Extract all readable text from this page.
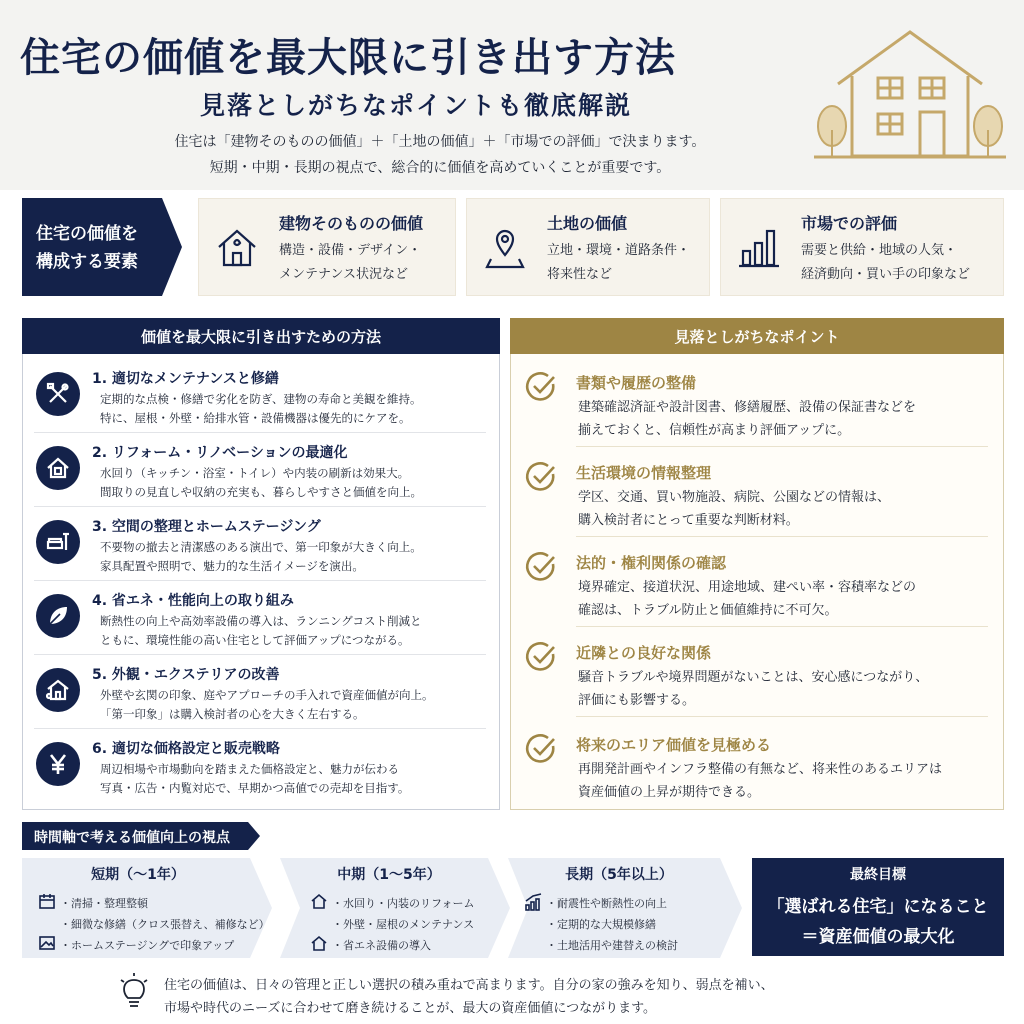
住宅の価値を最大限に引き出す方法
見落としがちなポイントも徹底解説
住宅は「建物そのものの価値」＋「土地の価値」＋「市場での評価」で決まります。
短期・中期・長期の視点で、総合的に価値を高めていくことが重要です。
住宅の価値を
構成する要素
建物そのものの価値
構造・設備・デザイン・
メンテナンス状況など
土地の価値
立地・環境・道路条件・
将来性など
市場での評価
需要と供給・地域の人気・
経済動向・買い手の印象など
価値を最大限に引き出すための方法
1. 適切なメンテナンスと修繕
定期的な点検・修繕で劣化を防ぎ、建物の寿命と美観を維持。
特に、屋根・外壁・給排水管・設備機器は優先的にケアを。
2. リフォーム・リノベーションの最適化
水回り（キッチン・浴室・トイレ）や内装の刷新は効果大。
間取りの見直しや収納の充実も、暮らしやすさと価値を向上。
3. 空間の整理とホームステージング
不要物の撤去と清潔感のある演出で、第一印象が大きく向上。
家具配置や照明で、魅力的な生活イメージを演出。
4. 省エネ・性能向上の取り組み
断熱性の向上や高効率設備の導入は、ランニングコスト削減と
ともに、環境性能の高い住宅として評価アップにつながる。
5. 外観・エクステリアの改善
外壁や玄関の印象、庭やアプローチの手入れで資産価値が向上。
「第一印象」は購入検討者の心を大きく左右する。
6. 適切な価格設定と販売戦略
周辺相場や市場動向を踏まえた価格設定と、魅力が伝わる
写真・広告・内覧対応で、早期かつ高値での売却を目指す。
見落としがちなポイント
書類や履歴の整備
建築確認済証や設計図書、修繕履歴、設備の保証書などを
揃えておくと、信頼性が高まり評価アップに。
生活環境の情報整理
学区、交通、買い物施設、病院、公園などの情報は、
購入検討者にとって重要な判断材料。
法的・権利関係の確認
境界確定、接道状況、用途地域、建ぺい率・容積率などの
確認は、トラブル防止と価値維持に不可欠。
近隣との良好な関係
騒音トラブルや境界問題がないことは、安心感につながり、
評価にも影響する。
将来のエリア価値を見極める
再開発計画やインフラ整備の有無など、将来性のあるエリアは
資産価値の上昇が期待できる。
時間軸で考える価値向上の視点
短期（〜1年）
・清掃・整理整頓
・細微な修繕（クロス張替え、補修など）
・ホームステージングで印象アップ
中期（1〜5年）
・水回り・内装のリフォーム
・外壁・屋根のメンテナンス
・省エネ設備の導入
長期（5年以上）
・耐震性や断熱性の向上
・定期的な大規模修繕
・土地活用や建替えの検討
最終目標
「選ばれる住宅」になること
＝資産価値の最大化
住宅の価値は、日々の管理と正しい選択の積み重ねで高まります。自分の家の強みを知り、弱点を補い、
市場や時代のニーズに合わせて磨き続けることが、最大の資産価値につながります。
